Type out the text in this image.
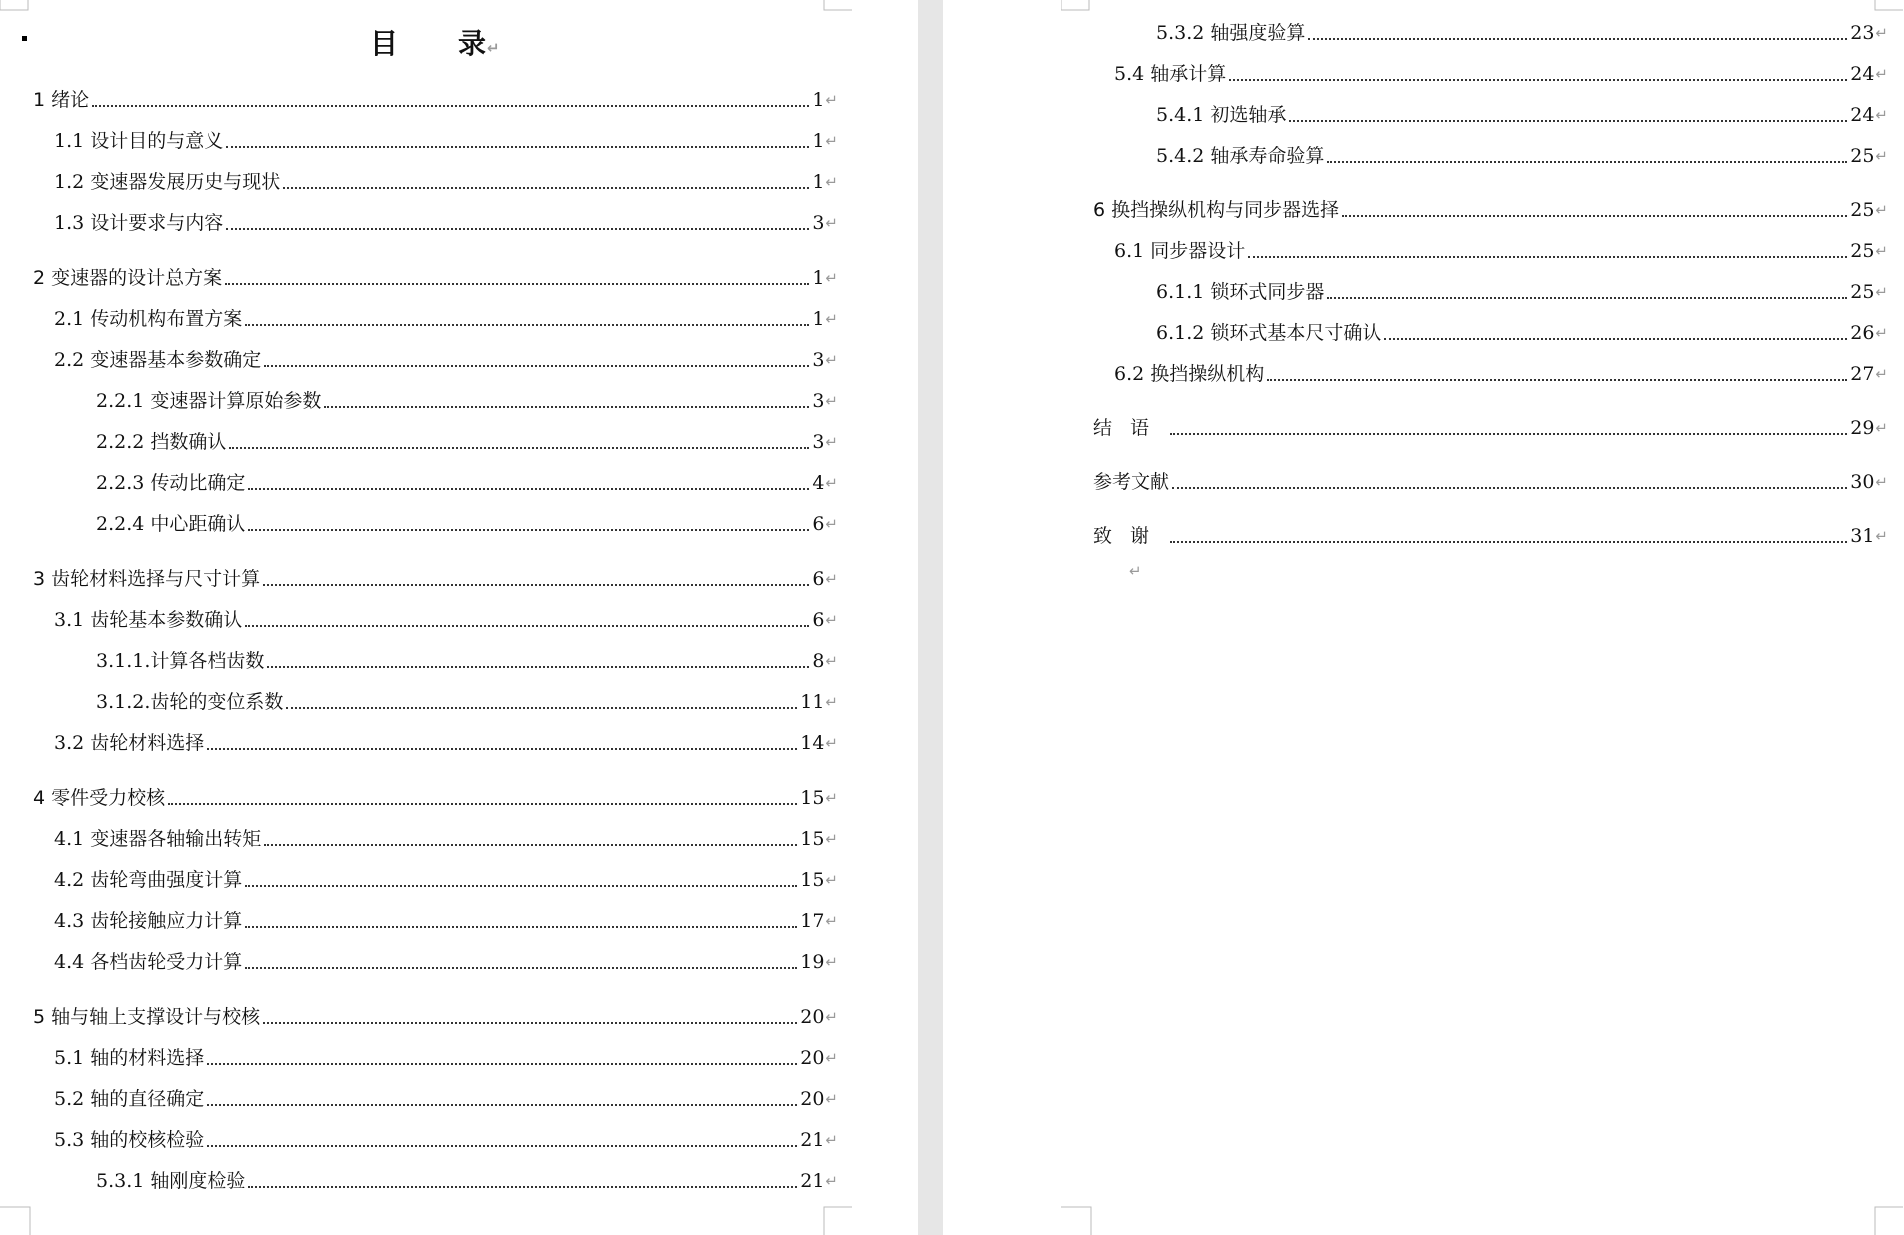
目 录↵
1 绪论	1 ↵
1.1 设计目的与意义	1 ↵
1.2 变速器发展历史与现状	1 ↵
1.3 设计要求与内容	3 ↵
2 变速器的设计总方案	1 ↵
2.1 传动机构布置方案	1 ↵
2.2 变速器基本参数确定	3 ↵
2.2.1 变速器计算原始参数	3 ↵
2.2.2 挡数确认	3 ↵
2.2.3 传动比确定	4 ↵
2.2.4 中心距确认	6 ↵
3 齿轮材料选择与尺寸计算	6 ↵
3.1 齿轮基本参数确认	6 ↵
3.1.1.计算各档齿数	8 ↵
3.1.2.齿轮的变位系数	11 ↵
3.2 齿轮材料选择	14 ↵
4 零件受力校核	15 ↵
4.1 变速器各轴输出转矩	15 ↵
4.2 齿轮弯曲强度计算	15 ↵
4.3 齿轮接触应力计算	17 ↵
4.4 各档齿轮受力计算	19 ↵
5 轴与轴上支撑设计与校核	20 ↵
5.1 轴的材料选择	20 ↵
5.2 轴的直径确定	20 ↵
5.3 轴的校核检验	21 ↵
5.3.1 轴刚度检验	21 ↵
5.3.2 轴强度验算	23 ↵
5.4 轴承计算	24 ↵
5.4.1 初选轴承	24 ↵
5.4.2 轴承寿命验算	25 ↵
6 换挡操纵机构与同步器选择	25 ↵
6.1 同步器设计	25 ↵
6.1.1 锁环式同步器	25 ↵
6.1.2 锁环式基本尺寸确认	26 ↵
6.2 换挡操纵机构	27 ↵
结语	29 ↵
参考文献	30 ↵
致谢	31 ↵
↵
